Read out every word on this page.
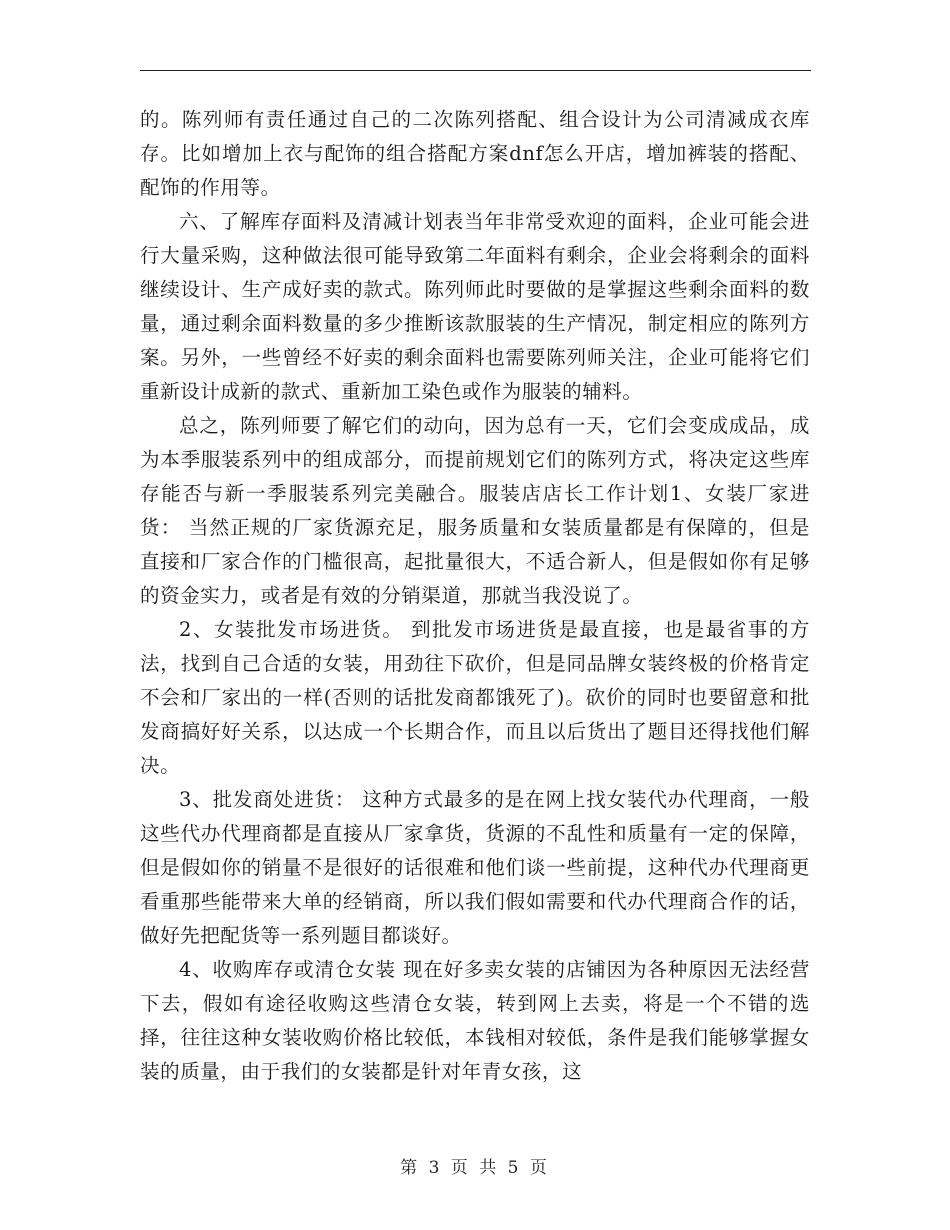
的。陈列师有责任通过自己的二次陈列搭配、组合设计为公司清减成衣库存。比如增加上衣与配饰的组合搭配方案dnf怎么开店，增加裤装的搭配、配饰的作用等。

六、了解库存面料及清减计划表当年非常受欢迎的面料，企业可能会进行大量采购，这种做法很可能导致第二年面料有剩余，企业会将剩余的面料继续设计、生产成好卖的款式。陈列师此时要做的是掌握这些剩余面料的数量，通过剩余面料数量的多少推断该款服装的生产情况，制定相应的陈列方案。另外，一些曾经不好卖的剩余面料也需要陈列师关注，企业可能将它们重新设计成新的款式、重新加工染色或作为服装的辅料。

总之，陈列师要了解它们的动向，因为总有一天，它们会变成成品，成为本季服装系列中的组成部分，而提前规划它们的陈列方式，将决定这些库存能否与新一季服装系列完美融合。服装店店长工作计划1、女装厂家进货： 当然正规的厂家货源充足，服务质量和女装质量都是有保障的，但是直接和厂家合作的门槛很高，起批量很大，不适合新人，但是假如你有足够的资金实力，或者是有效的分销渠道，那就当我没说了。

2、女装批发市场进货。 到批发市场进货是最直接，也是最省事的方法，找到自己合适的女装，用劲往下砍价，但是同品牌女装终极的价格肯定不会和厂家出的一样(否则的话批发商都饿死了)。砍价的同时也要留意和批发商搞好好关系，以达成一个长期合作，而且以后货出了题目还得找他们解决。

3、批发商处进货： 这种方式最多的是在网上找女装代办代理商，一般这些代办代理商都是直接从厂家拿货，货源的不乱性和质量有一定的保障，但是假如你的销量不是很好的话很难和他们谈一些前提，这种代办代理商更看重那些能带来大单的经销商，所以我们假如需要和代办代理商合作的话，做好先把配货等一系列题目都谈好。

4、收购库存或清仓女装 现在好多卖女装的店铺因为各种原因无法经营下去，假如有途径收购这些清仓女装，转到网上去卖，将是一个不错的选择，往往这种女装收购价格比较低，本钱相对较低，条件是我们能够掌握女装的质量，由于我们的女装都是针对年青女孩，这

第 3 页 共 5 页
